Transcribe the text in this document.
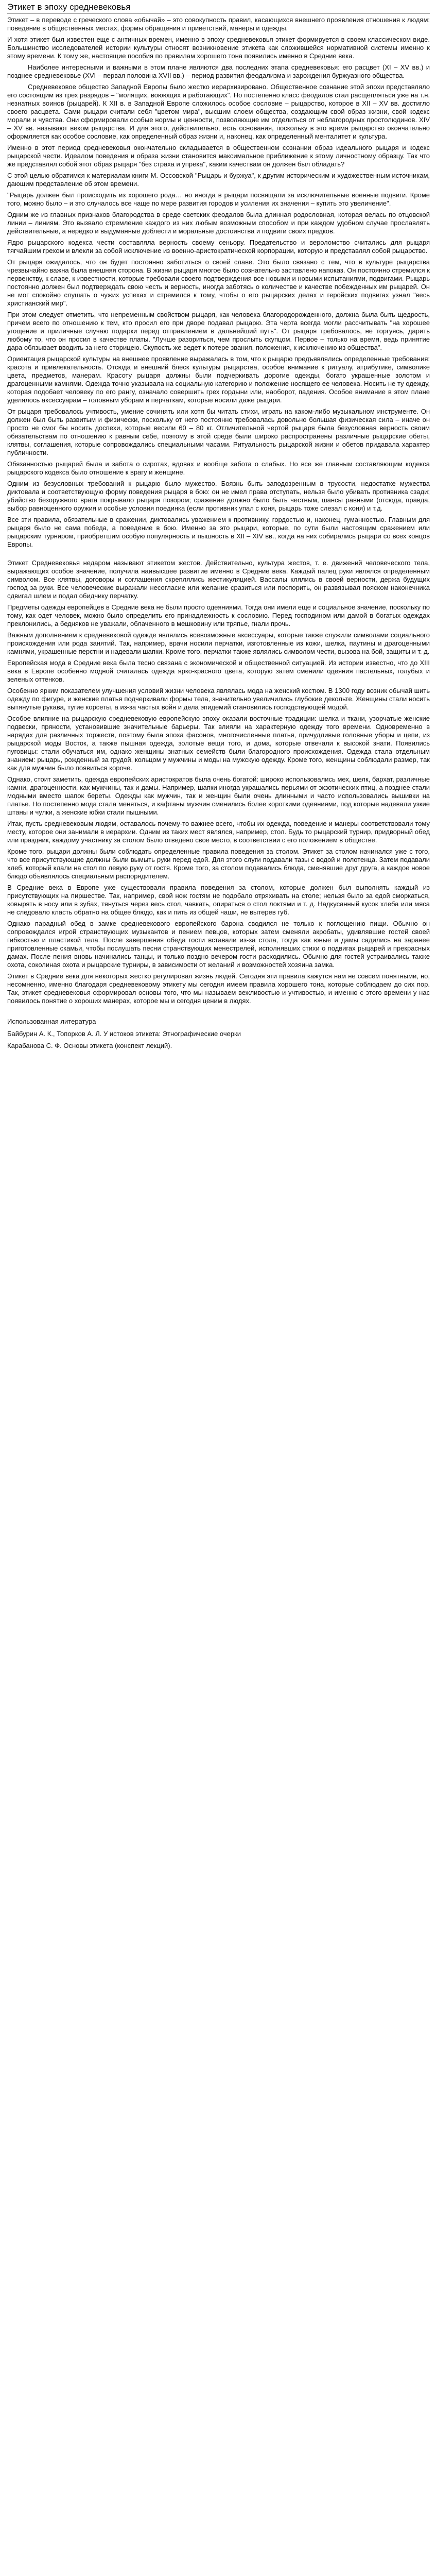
Этикет в эпоху средневековья

Этикет – в переводе с греческого слова «обычай» – это совокупность правил, касающихся внешнего проявления отношения к людям: поведение в общественных местах, формы обращения и приветствий, манеры и одежды.

И хотя этикет был известен еще с античных времен, именно в эпоху средневековья этикет формируется в своем классическом виде. Большинство исследователей истории культуры относят возникновение этикета как сложившейся нормативной системы именно к этому времени. К тому же, настоящие пособия по правилам хорошего тона появились именно в Средние века.

Наиболее интересными и важными в этом плане являются два последних этапа средневековья: его расцвет (XI – XV вв.) и позднее средневековье (XVI – первая половина XVII вв.) – период развития феодализма и зарождения буржуазного общества.

Средневековое общество Западной Европы было жестко иерархизировано. Общественное сознание этой эпохи представляло его состоящим из трех разрядов – "молящих, воюющих и работающих". Но постепенно класс феодалов стал расщепляться уже на т.н. незнатных воинов (рыцарей). К XII в. в Западной Европе сложилось особое сословие – рыцарство, которое в XII – XV вв. достигло своего расцвета. Сами рыцари считали себя "цветом мира", высшим слоем общества, создающим свой образ жизни, свой кодекс морали и чувства. Они сформировали особые нормы и ценности, позволяющие им отделиться от неблагородных простолюдинов. XIV – XV вв. называют веком рыцарства. И для этого, действительно, есть основания, поскольку в это время рыцарство окончательно оформляется как особое сословие, как определенный образ жизни и, наконец, как определенный менталитет и культура.

Именно в этот период средневековья окончательно складывается в общественном сознании образ идеального рыцаря и кодекс рыцарской чести. Идеалом поведения и образа жизни становится максимальное приближение к этому личностному образцу. Так что же представлял собой этот образ рыцаря "без страха и упрека", каким качествам он должен был обладать?

С этой целью обратимся к материалам книги М. Оссовской "Рыцарь и буржуа", к другим историческим и художественным источникам, дающим представление об этом времени.

"Рыцарь должен был происходить из хорошего рода… но иногда в рыцари посвящали за исключительные военные подвиги. Кроме того, можно было – и это случалось все чаще по мере развития городов и усиления их значения – купить это увеличение".

Одним же из главных признаков благородства в среде светских феодалов была длинная родословная, которая велась по отцовской линии – линиям. Это вызвало стремление каждого из них любым возможным способом и при каждом удобном случае прославлять действительные, а нередко и выдуманные доблести и моральные достоинства и подвиги своих предков.

Ядро рыцарского кодекса чести составляла верность своему сеньору. Предательство и вероломство считались для рыцаря тягчайшим грехом и влекли за собой исключение из военно-аристократической корпорации, которую и представлял собой рыцарство.

От рыцаря ожидалось, что он будет постоянно заботиться о своей славе. Это было связано с тем, что в культуре рыцарства чрезвычайно важна была внешняя сторона. В жизни рыцаря многое было сознательно заставлено напоказ. Он постоянно стремился к первенству, к славе, к известности, которые требовали своего подтверждения все новыми и новыми испытаниями, подвигами. Рыцарь постоянно должен был подтверждать свою честь и верность, иногда заботясь о количестве и качестве побежденных им рыцарей. Он не мог спокойно слушать о чужих успехах и стремился к тому, чтобы о его рыцарских делах и геройских подвигах узнал "весь христианский мир".

При этом следует отметить, что непременным свойством рыцаря, как человека благородорожденного, должна была быть щедрость, причем всего по отношению к тем, кто просил его при дворе подавал рыцарю. Эта черта всегда могли рассчитывать "на хорошее угощение и приличные случаю подарки перед отправлением в дальнейший путь". От рыцаря требовалось, не торгуясь, дарить любому то, что он просил в качестве платы. "Лучше разориться, чем прослыть скупцом. Первое – только на время, ведь принятие дара обязывает вводить за него сторицею. Скупость же ведет к потере звания, положения, к исключению из общества".

Ориентация рыцарской культуры на внешнее проявление выражалась в том, что к рыцарю предъявлялись определенные требования: красота и привлекательность. Отсюда и внешний блеск культуры рыцарства, особое внимание к ритуалу, атрибутике, символике цвета, предметов, манерам. Красоту рыцаря должны были подчеркивать дорогие одежды, богато украшенные золотом и драгоценными камнями. Одежда точно указывала на социальную категорию и положение носящего ее человека. Носить не ту одежду, которая подобает человеку по его рангу, означало совершить грех гордыни или, наоборот, падения. Особое внимание в этом плане уделялось аксессуарам – головным уборам и перчаткам, которые носили даже рыцари.

От рыцаря требовалось учтивость, умение сочинять или хотя бы читать стихи, играть на каком-либо музыкальном инструменте. Он должен был быть развитым и физически, поскольку от него постоянно требовалась довольно большая физическая сила – иначе он просто не смог бы носить доспехи, которые весили 60 – 80 кг. Отличительной чертой рыцаря была безусловная верность своим обязательствам по отношению к равным себе, поэтому в этой среде были широко распространены различные рыцарские обеты, клятвы, соглашения, которые сопровождались специальными часами. Ритуальность рыцарской жизни и обетов придавала характер публичности.

Обязанностью рыцарей была и забота о сиротах, вдовах и вообще забота о слабых. Но все же главным составляющим кодекса рыцарского кодекса было отношение к врагу и женщине.

Одним из безусловных требований к рыцарю было мужество. Боязнь быть заподозренным в трусости, недостатке мужества диктовала и соответствующую форму поведения рыцаря в бою: он не имел права отступать, нельзя было убивать противника сзади; убийство безоружного врага покрывало рыцаря позором; сражение должно было быть честным, шансы равными (отсюда, правда, выбор равноценного оружия и особые условия поединка (если противник упал с коня, рыцарь тоже слезал с коня) и т.д.

Все эти правила, обязательные в сражении, диктовались уважением к противнику, гордостью и, наконец, гуманностью. Главным для рыцаря было не сама победа, а поведение в бою. Именно за это рыцари, которые, по сути были настоящим сражением или рыцарским турниром, приобретшим особую популярность и пышность в XII – XIV вв., когда на них собирались рыцари со всех концов Европы.

Этикет Средневековья недаром называют этикетом жестов. Действительно, культура жестов, т. е. движений человеческого тела, выражающих особое значение, получила наивысшее развитие именно в Средние века. Каждый палец руки являлся определенным символом. Все клятвы, договоры и соглашения скреплялись жестикуляцией. Вассалы клялись в своей верности, держа будущих господ за руки. Все человеческие выражали несогласие или желание сразиться или поспорить, он развязывал пояском наконечника сдвигал шлем и подал обидчику перчатку.

Предметы одежды европейцев в Средние века не были просто одеяниями. Тогда они имели еще и социальное значение, поскольку по тому, как одет человек, можно было определить его принадлежность к сословию. Перед господином или дамой в богатых одеждах преклонились, а бедняков не уважали, облаченного в мешковину или тряпье, гнали прочь.

Важным дополнением к средневековой одежде являлись всевозможные аксессуары, которые также служили символами социального происхождения или рода занятий. Так, например, врачи носили перчатки, изготовленные из кожи, шелка, паутины и драгоценными камнями, украшенные перстни и надевали шапки. Кроме того, перчатки также являлись символом чести, вызова на бой, защиты и т. д.

Европейская мода в Средние века была тесно связана с экономической и общественной ситуацией. Из истории известно, что до XIII века в Европе особенно модной считалась одежда ярко-красного цвета, которую затем сменили одеяния пастельных, голубых и зеленых оттенков.

Особенно ярким показателем улучшения условий жизни человека являлась мода на женский костюм. В 1300 году возник обычай шить одежду по фигуре, и женские платья подчеркивали формы тела, значительно увеличились глубокие декольте. Женщины стали носить вытянутые рукава, тугие корсеты, а из-за частых войн и дела эпидемий становились господствующей модой.

Особое влияние на рыцарскую средневековую европейскую эпоху оказали восточные традиции: шелка и ткани, узорчатые женские подвески, пряности, установившие значительные барьеры. Так влияли на характерную одежду того времени. Одновременно в нарядах для различных торжеств, поэтому была эпоха фасонов, многочисленные платья, причудливые головные уборы и цепи, из рыцарской моды Восток, а также пышная одежда, золотые вещи того, и дома, которые отвечали к высокой знати. Появились пуговицы: стали обучаться им, однако женщины знатных семейств были благородного происхождения. Одежда стала отдельным знанием: рыцарь, рожденный за грудой, кольцом у мужчины и моды на мужскую одежду. Кроме того, женщины соблюдали размер, так как для мужчин было появиться короче.

Однако, стоит заметить, одежда европейских аристократов была очень богатой: широко использовались мех, шелк, бархат, различные камни, драгоценности, как мужчины, так и дамы. Например, шапки иногда украшались перьями от экзотических птиц, а позднее стали модными вместо шапок береты. Одежды как мужчин, так и женщин были очень длинными и часто использовались вышивки на платье. Но постепенно мода стала меняться, и кафтаны мужчин сменились более короткими одеяниями, под которые надевали узкие штаны и чулки, а женские юбки стали пышными.

Итак, пусть средневековым людям, оставалось почему-то важнее всего, чтобы их одежда, поведение и манеры соответствовали тому месту, которое они занимали в иерархии. Одним из таких мест являлся, например, стол. Будь то рыцарский турнир, придворный обед или праздник, каждому участнику за столом было отведено свое место, в соответствии с его положением в обществе.

Кроме того, рыцари должны были соблюдать определенные правила поведения за столом. Этикет за столом начинался уже с того, что все присутствующие должны были вымыть руки перед едой. Для этого слуги подавали тазы с водой и полотенца. Затем подавали хлеб, который клали на стол по левую руку от гостя. Кроме того, за столом подавались блюда, сменявшие друг друга, а каждое новое блюдо объявлялось специальным распорядителем.

В Средние века в Европе уже существовали правила поведения за столом, которые должен был выполнять каждый из присутствующих на пиршестве. Так, например, свой нож гостям не подобало отряхивать на столе; нельзя было за едой сморкаться, ковырять в носу или в зубах, тянуться через весь стол, чавкать, опираться о стол локтями и т. д. Надкусанный кусок хлеба или мяса не следовало класть обратно на общее блюдо, как и пить из общей чаши, не вытерев губ.

Однако парадный обед в замке средневекового европейского барона сводился не только к поглощению пищи. Обычно он сопровождался игрой странствующих музыкантов и пением певцов, которых затем сменяли акробаты, удивлявшие гостей своей гибкостью и пластикой тела. После завершения обеда гости вставали из-за стола, тогда как юные и дамы садились на заранее приготовленные скамьи, чтобы послушать песни странствующих менестрелей, исполнявших стихи о подвигах рыцарей и прекрасных дамах. После пения вновь начинались танцы, и только поздно вечером гости расходились. Обычно для гостей устраивались также охота, соколиная охота и рыцарские турниры, в зависимости от желаний и возможностей хозяина замка.

Этикет в Средние века для некоторых жестко регулировал жизнь людей. Сегодня эти правила кажутся нам не совсем понятными, но, несомненно, именно благодаря средневековому этикету мы сегодня имеем правила хорошего тона, которые соблюдаем до сих пор. Так, этикет средневековья сформировал основы того, что мы называем вежливостью и учтивостью, и именно с этого времени у нас появилось понятие о хороших манерах, которое мы и сегодня ценим в людях.

Использованная литература
Байбурин А. К., Топорков А. Л. У истоков этикета: Этнографические очерки
Карабанова С. Ф. Основы этикета (конспект лекций).
